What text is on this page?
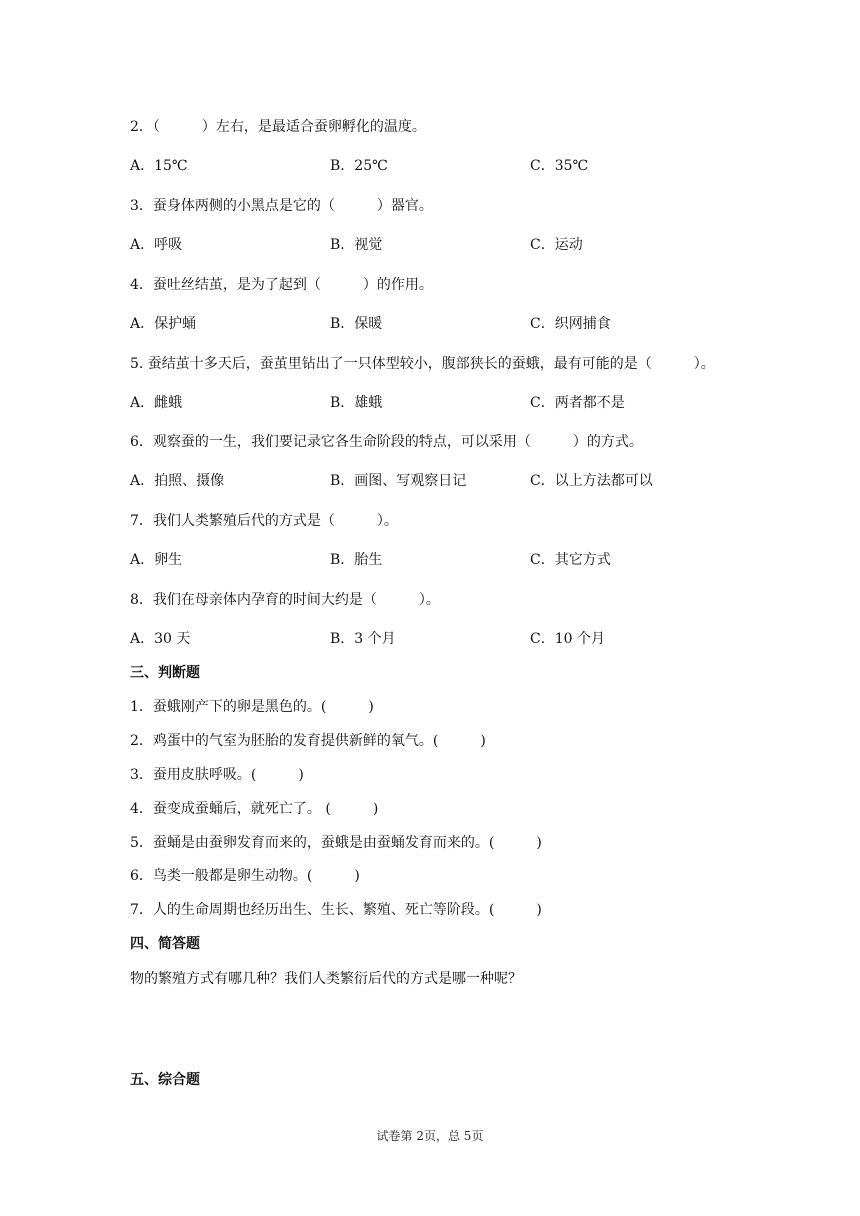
2．（　　　）左右，是最适合蚕卵孵化的温度。
A．15℃	B．25℃	C．35℃
3．蚕身体两侧的小黑点是它的（　　　）器官。
A．呼吸	B．视觉	C．运动
4．蚕吐丝结茧，是为了起到（　　　）的作用。
A．保护蛹	B．保暖	C．织网捕食
5. 蚕结茧十多天后，蚕茧里钻出了一只体型较小，腹部狭长的蚕蛾，最有可能的是（　　　）。
A．雌蛾	B．雄蛾	C．两者都不是
6．观察蚕的一生，我们要记录它各生命阶段的特点，可以采用（　　　）的方式。
A．拍照、摄像	B．画图、写观察日记	C．以上方法都可以
7．我们人类繁殖后代的方式是（　　　）。
A．卵生	B．胎生	C．其它方式
8．我们在母亲体内孕育的时间大约是（　　　）。
A．30 天	B．3 个月	C．10 个月
三、判断题
1．蚕蛾刚产下的卵是黑色的。(　　　)
2．鸡蛋中的气室为胚胎的发育提供新鲜的氧气。(　　　)
3．蚕用皮肤呼吸。(　　　)
4．蚕变成蚕蛹后，就死亡了。 (　　　)
5．蚕蛹是由蚕卵发育而来的，蚕蛾是由蚕蛹发育而来的。(　　　)
6．鸟类一般都是卵生动物。(　　　)
7．人的生命周期也经历出生、生长、繁殖、死亡等阶段。(　　　)
四、简答题
物的繁殖方式有哪几种？我们人类繁衍后代的方式是哪一种呢？
五、综合题
试卷第 2页，总 5页
